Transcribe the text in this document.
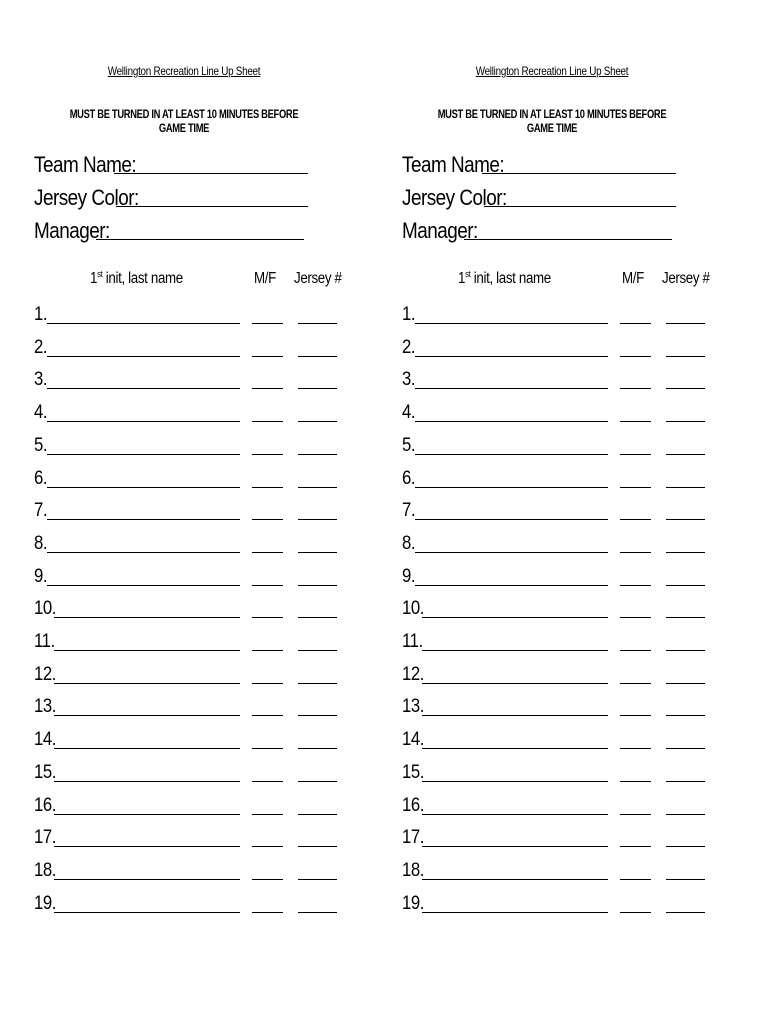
Wellington Recreation Line Up Sheet
MUST BE TURNED IN AT LEAST 10 MINUTES BEFORE GAME TIME
Team Name:
Jersey Color:
Manager:
1st init, last name	M/F Jersey #
1.
2.
3.
4.
5.
6.
7.
8.
9.
10.
11.
12.
13.
14.
15.
16.
17.
18.
19.
Wellington Recreation Line Up Sheet
MUST BE TURNED IN AT LEAST 10 MINUTES BEFORE GAME TIME
Team Name:
Jersey Color:
Manager:
1st init, last name	M/F Jersey #
1.
2.
3.
4.
5.
6.
7.
8.
9.
10.
11.
12.
13.
14.
15.
16.
17.
18.
19.
